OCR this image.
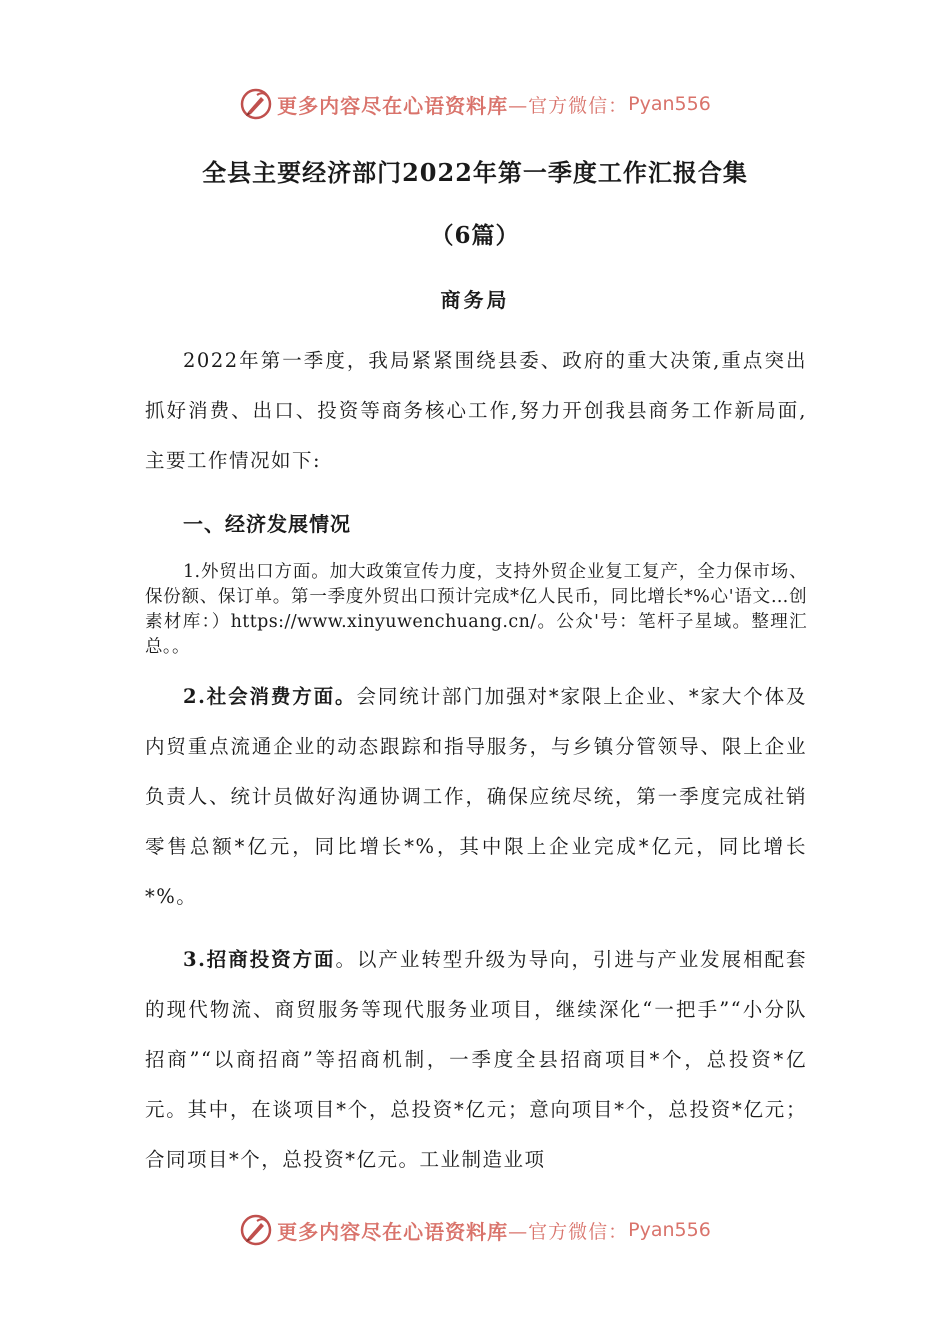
更多内容尽在心语资料库 —官方微信： Pyan556
全县主要经济部门2022年第一季度工作汇报合集
（6篇）
商务局

2022年第一季度，我局紧紧围绕县委、政府的重大决策,重点突出抓好消费、出口、投资等商务核心工作,努力开创我县商务工作新局面,主要工作情况如下:

一、经济发展情况

1.外贸出口方面。加大政策宣传力度，支持外贸企业复工复产，全力保市场、保份额、保订单。第一季度外贸出口预计完成*亿人民币，同比增长*%心'语文…创素材库：）https://www.xinyuwenchuang.cn/。公众'号：笔杆子星域。整理汇总。。

2.社会消费方面。会同统计部门加强对*家限上企业、*家大个体及内贸重点流通企业的动态跟踪和指导服务，与乡镇分管领导、限上企业负责人、统计员做好沟通协调工作，确保应统尽统，第一季度完成社销零售总额*亿元，同比增长*%，其中限上企业完成*亿元，同比增长*%。

3.招商投资方面。以产业转型升级为导向，引进与产业发展相配套的现代物流、商贸服务等现代服务业项目，继续深化“一把手”“小分队招商”“以商招商”等招商机制，一季度全县招商项目*个，总投资*亿元。其中，在谈项目*个，总投资*亿元；意向项目*个，总投资*亿元；合同项目*个，总投资*亿元。工业制造业项

更多内容尽在心语资料库 —官方微信： Pyan556
